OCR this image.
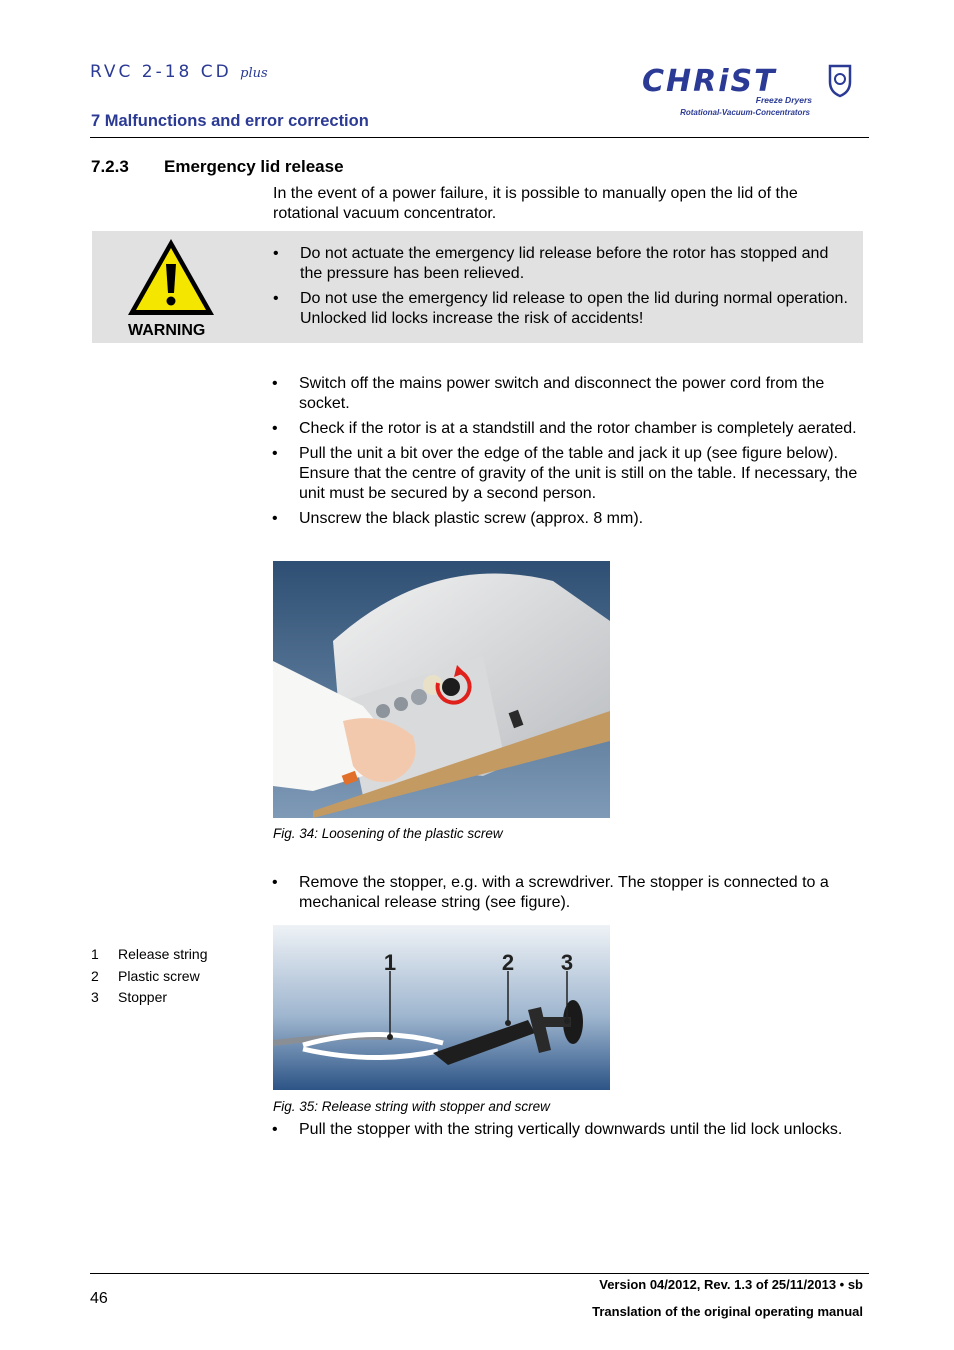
RVC 2-18 CD plus
7 Malfunctions and error correction
CHRiST
Freeze Dryers
Rotational-Vacuum-Concentrators
7.2.3 Emergency lid release
In the event of a power failure, it is possible to manually open the lid of the rotational vacuum concentrator.
WARNING
• Do not actuate the emergency lid release before the rotor has stopped and the pressure has been relieved.
• Do not use the emergency lid release to open the lid during normal operation. Unlocked lid locks increase the risk of accidents!
• Switch off the mains power switch and disconnect the power cord from the socket.
• Check if the rotor is at a standstill and the rotor chamber is completely aerated.
• Pull the unit a bit over the edge of the table and jack it up (see figure below). Ensure that the centre of gravity of the unit is still on the table. If necessary, the unit must be secured by a second person.
• Unscrew the black plastic screw (approx. 8 mm).
Fig. 34: Loosening of the plastic screw
• Remove the stopper, e.g. with a screwdriver. The stopper is connected to a mechanical release string (see figure).
1 Release string
2 Plastic screw
3 Stopper
1	2 3
Fig. 35: Release string with stopper and screw
• Pull the stopper with the string vertically downwards until the lid lock unlocks.
46
Version 04/2012, Rev. 1.3 of 25/11/2013 • sb
Translation of the original operating manual
